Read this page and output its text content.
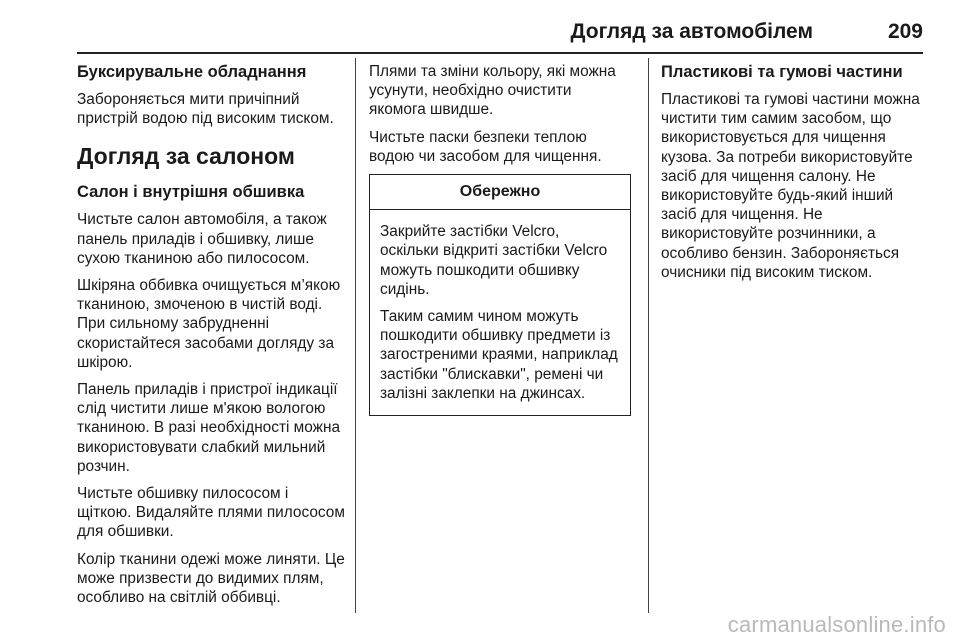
Догляд за автомобілем	209
Буксирувальне обладнання

Забороняється мити причіпний пристрій водою під високим тиском.

Догляд за салоном
Салон і внутрішня обшивка

Чистьте салон автомобіля, а також панель приладів і обшивку, лише сухою тканиною або пилососом.

Шкіряна оббивка очищується м’якою тканиною, змоченою в чистій воді. При сильному забрудненні скористайтеся засобами догляду за шкірою.

Панель приладів і пристрої індикації слід чистити лише м'якою вологою тканиною. В разі необхідності можна використовувати слабкий мильний розчин.

Чистьте обшивку пилососом і щіткою. Видаляйте плями пилососом для обшивки.

Колір тканини одежі може линяти. Це може призвести до видимих плям, особливо на світлій оббивці.

Плями та зміни кольору, які можна усунути, необхідно очистити якомога швидше.

Чистьте паски безпеки теплою водою чи засобом для чищення.

Обережно

Закрийте застібки Velcro, оскільки відкриті застібки Velcro можуть пошкодити обшивку сидінь.

Таким самим чином можуть пошкодити обшивку предмети із загостреними краями, наприклад застібки "блискавки", ремені чи залізні заклепки на джинсах.

Пластикові та гумові частини

Пластикові та гумові частини можна чистити тим самим засобом, що використовується для чищення кузова. За потреби використовуйте засіб для чищення салону. Не використовуйте будь-який інший засіб для чищення. Не використовуйте розчинники, а особливо бензин. Забороняється очисники під високим тиском.

carmanualsonline.info
